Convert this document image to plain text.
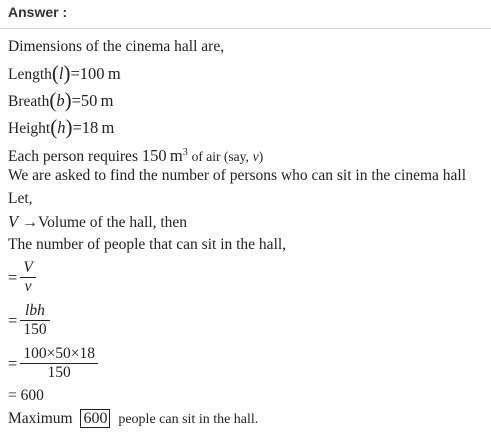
Answer :
Dimensions of the cinema hall are,
Length(l)=100 m
Breath(b)=50 m
Height(h)=18 m
Each person requires 150 $m^3$ of air (say, v)
We are asked to find the number of persons who can sit in the cinema hall
Let,
V →Volume of the hall, then
The number of people that can sit in the hall,
= $\frac{V}{v}$
= $\frac{\text{lbh}}{150}$
= $\frac{100\times 50\times 18}{150}$
= 600
Maximum 600 people can sit in the hall.
